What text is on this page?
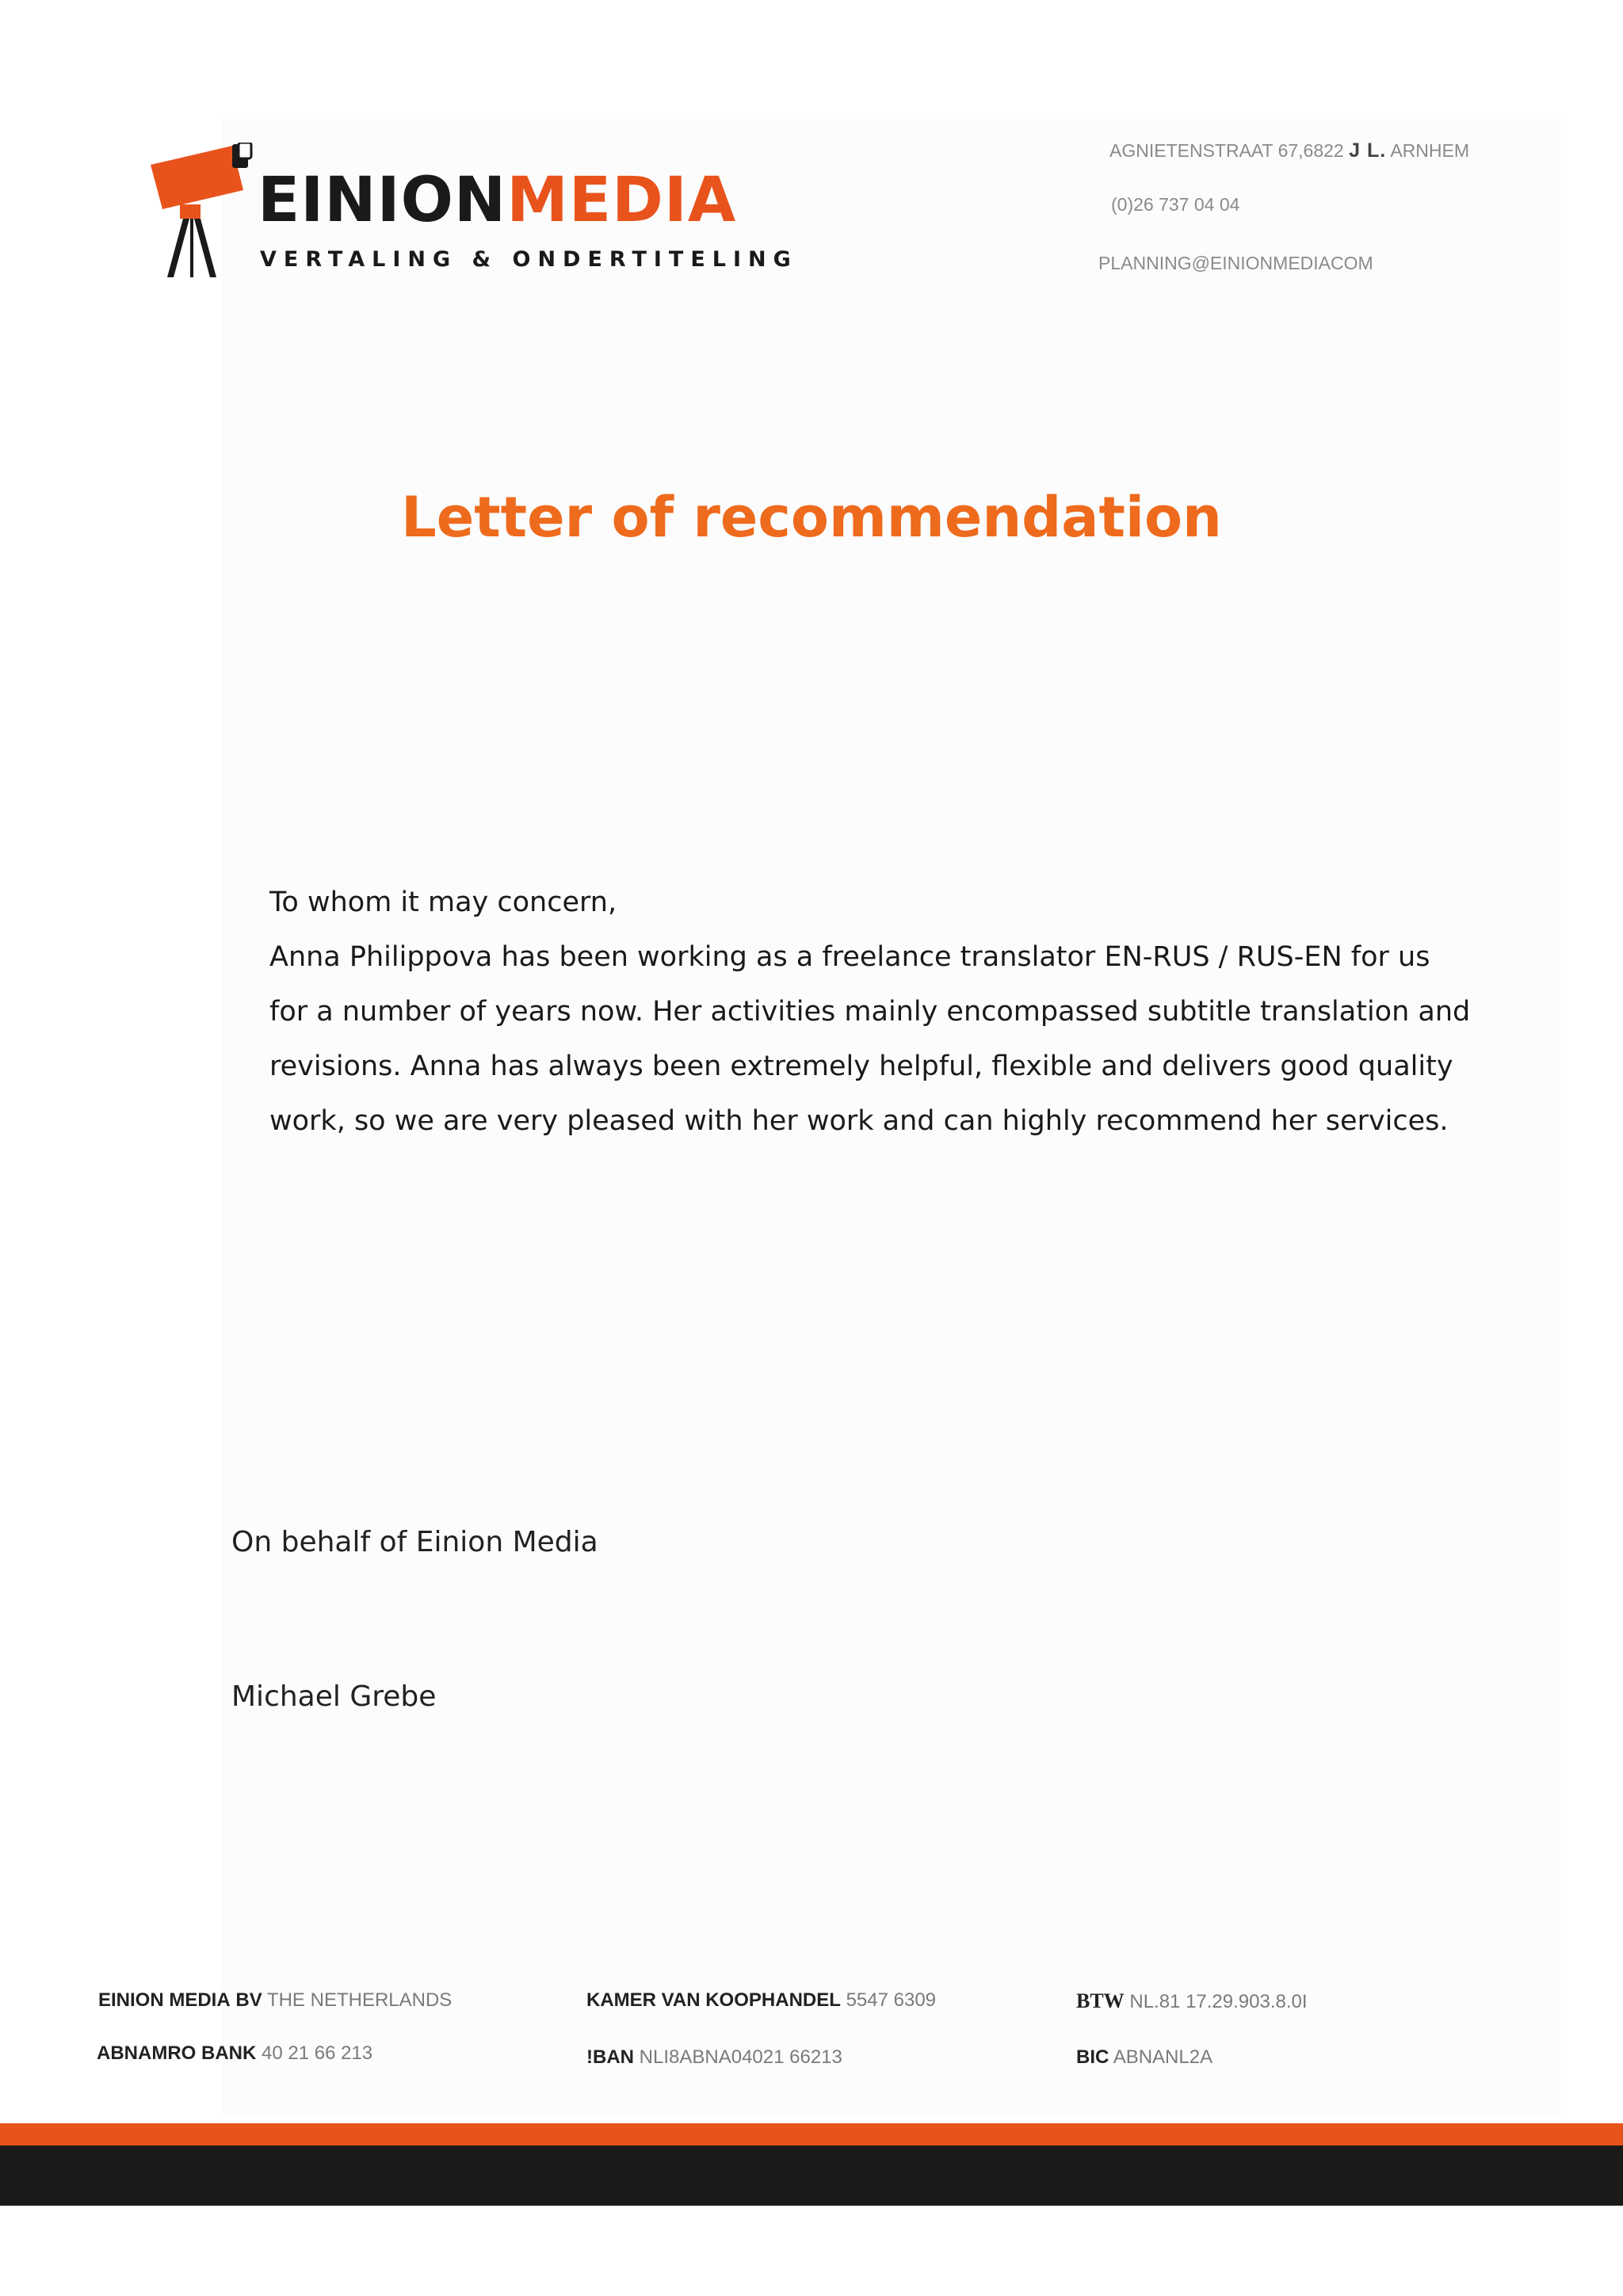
EINIONMEDIA
VERTALING & ONDERTITELING
AGNIETENSTRAAT 67,6822 J L. ARNHEM
(0)26 737 04 04
PLANNING@EINIONMEDIACOM
Letter of recommendation

To whom it may concern,

Anna Philippova has been working as a freelance translator EN-RUS / RUS-EN for us

for a number of years now. Her activities mainly encompassed subtitle translation and

revisions. Anna has always been extremely helpful, flexible and delivers good quality

work, so we are very pleased with her work and can highly recommend her services.

On behalf of Einion Media

Michael Grebe

EINION MEDIA BV THE NETHERLANDS
ABNAMRO BANK 40 21 66 213
KAMER VAN KOOPHANDEL 5547 6309
!BAN NLI8ABNA04021 66213
BTW NL.81 17.29.903.8.0I
BIC ABNANL2A
